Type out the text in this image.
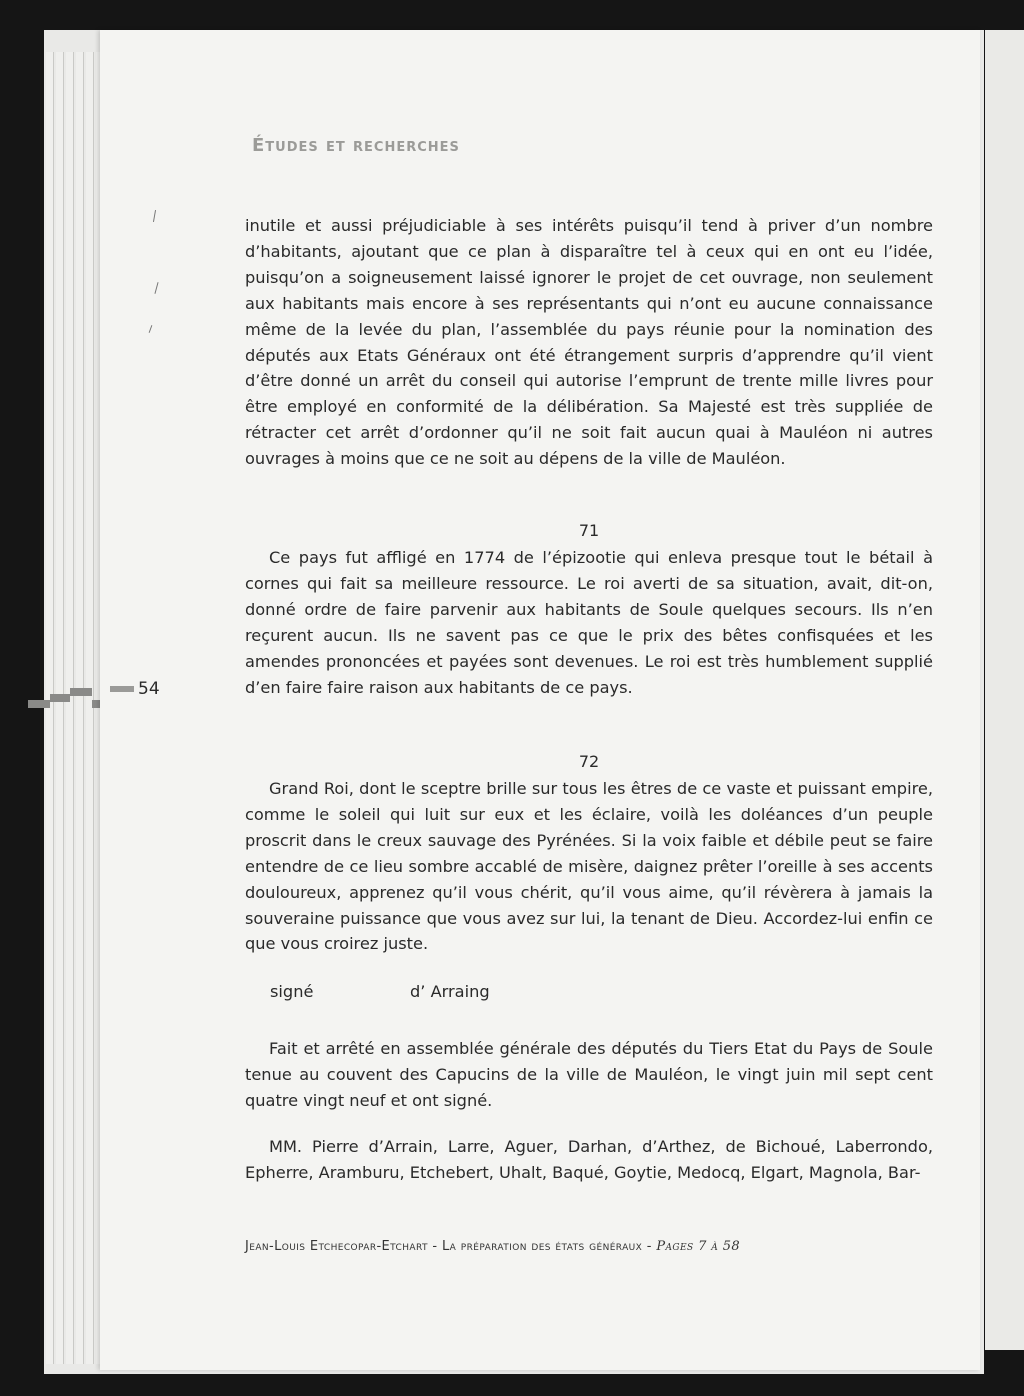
54
Études et recherches

inutile et aussi préjudiciable à ses intérêts puisqu’il tend à priver d’un nombre d’habitants, ajoutant que ce plan à disparaître tel à ceux qui en ont eu l’idée, puisqu’on a soigneusement laissé ignorer le projet de cet ouvrage, non seulement aux habitants mais encore à ses représentants qui n’ont eu aucune connaissance même de la levée du plan, l’assemblée du pays réunie pour la nomination des députés aux Etats Généraux ont été étrangement surpris d’apprendre qu’il vient d’être donné un arrêt du conseil qui autorise l’emprunt de trente mille livres pour être employé en conformité de la délibération. Sa Majesté est très suppliée de rétracter cet arrêt d’ordonner qu’il ne soit fait aucun quai à Mauléon ni autres ouvrages à moins que ce ne soit au dépens de la ville de Mauléon.

71

Ce pays fut affligé en 1774 de l’épizootie qui enleva presque tout le bétail à cornes qui fait sa meilleure ressource. Le roi averti de sa situation, avait, dit-on, donné ordre de faire parvenir aux habitants de Soule quelques secours. Ils n’en reçurent aucun. Ils ne savent pas ce que le prix des bêtes confisquées et les amendes prononcées et payées sont devenues. Le roi est très humblement supplié d’en faire faire raison aux habitants de ce pays.

72

Grand Roi, dont le sceptre brille sur tous les êtres de ce vaste et puissant empire, comme le soleil qui luit sur eux et les éclaire, voilà les doléances d’un peuple proscrit dans le creux sauvage des Pyrénées. Si la voix faible et débile peut se faire entendre de ce lieu sombre accablé de misère, daignez prêter l’oreille à ses accents douloureux, apprenez qu’il vous chérit, qu’il vous aime, qu’il révèrera à jamais la souveraine puissance que vous avez sur lui, la tenant de Dieu. Accordez-lui enfin ce que vous croirez juste.

signé	d’ Arraing

Fait et arrêté en assemblée générale des députés du Tiers Etat du Pays de Soule tenue au couvent des Capucins de la ville de Mauléon, le vingt juin mil sept cent quatre vingt neuf et ont signé.

MM. Pierre d’Arrain, Larre, Aguer, Darhan, d’Arthez, de Bichoué, Laberrondo, Epherre, Aramburu, Etchebert, Uhalt, Baqué, Goytie, Medocq, Elgart, Magnola, Bar-

Jean-Louis Etchecopar-Etchart - La préparation des états généraux - Pages 7 à 58
